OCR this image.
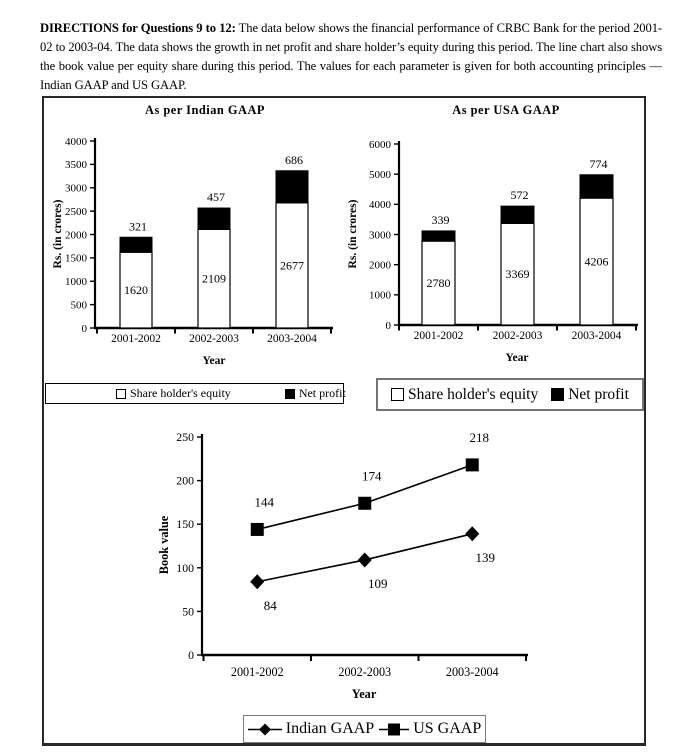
DIRECTIONS for Questions 9 to 12: The data below shows the financial performance of CRBC Bank for the period 2001-02 to 2003-04. The data shows the growth in net profit and share holder’s equity during this period. The line chart also shows the book value per equity share during this period. The values for each parameter is given for both accounting principles — Indian GAAP and US GAAP.

As per Indian GAAP
0
500
1000
1500
2000
2500
3000
3500
4000
1620
321
2001-2002
2109
457
2002-2003
2677
686
2003-2004
Year
Rs. (in crores)
As per USA GAAP
0
1000
2000
3000
4000
5000
6000
2780
339
2001-2002
3369
572
2002-2003
4206
774
2003-2004
Year
Rs. (in crores)
0
50
100
150
200
250
2001-2002	2002-2003	2003-2004
84
109
139
144
174
218
Year
Book value
Share holder's equity	Net profit	Share holder's equity Net profit
Indian GAAP US GAAP
